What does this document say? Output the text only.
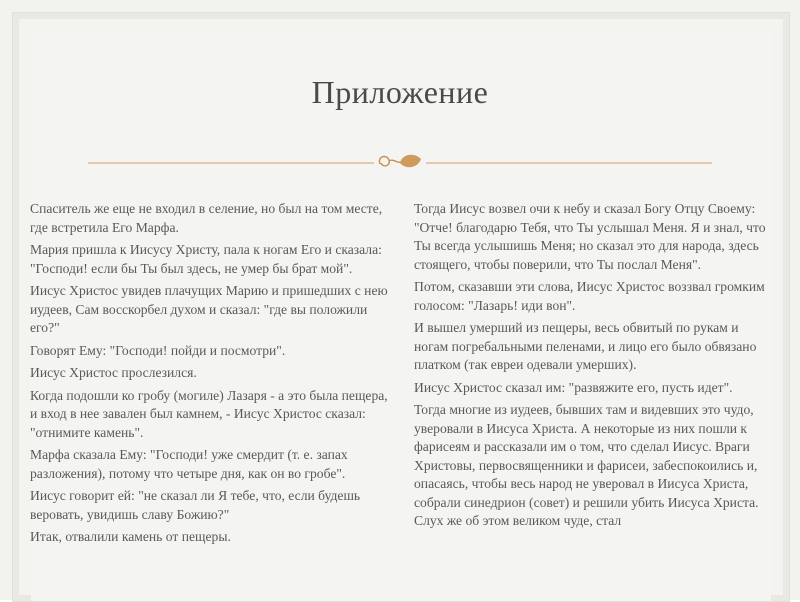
Приложение

Спаситель же еще не входил в селение, но был на том месте, где встретила Его Марфа.

Мария пришла к Иисусу Христу, пала к ногам Его и сказала: "Господи! если бы Ты был здесь, не умер бы брат мой".

Иисус Христос увидев плачущих Марию и пришедших с нею иудеев, Сам восскорбел духом и сказал: "где вы положили его?"

Говорят Ему: "Господи! пойди и посмотри".

Иисус Христос прослезился.

Когда подошли ко гробу (могиле) Лазаря - а это была пещера, и вход в нее завален был камнем, - Иисус Христос сказал: "отнимите камень".

Марфа сказала Ему: "Господи! уже смердит (т. е. запах разложения), потому что четыре дня, как он во гробе".

Иисус говорит ей: "не сказал ли Я тебе, что, если будешь веровать, увидишь славу Божию?"

Итак, отвалили камень от пещеры.

Тогда Иисус возвел очи к небу и сказал Богу Отцу Своему: "Отче! благодарю Тебя, что Ты услышал Меня. Я и знал, что Ты всегда услышишь Меня; но сказал это для народа, здесь стоящего, чтобы поверили, что Ты послал Меня".

Потом, сказавши эти слова, Иисус Христос воззвал громким голосом: "Лазарь! иди вон".

И вышел умерший из пещеры, весь обвитый по рукам и ногам погребальными пеленами, и лицо его было обвязано платком (так евреи одевали умерших).

Иисус Христос сказал им: "развяжите его, пусть идет".

Тогда многие из иудеев, бывших там и видевших это чудо, уверовали в Иисуса Христа. А некоторые из них пошли к фарисеям и рассказали им о том, что сделал Иисус. Враги Христовы, первосвященники и фарисеи, забеспокоились и, опасаясь, чтобы весь народ не уверовал в Иисуса Христа, собрали синедрион (совет) и решили убить Иисуса Христа. Слух же об этом великом чуде, стал
